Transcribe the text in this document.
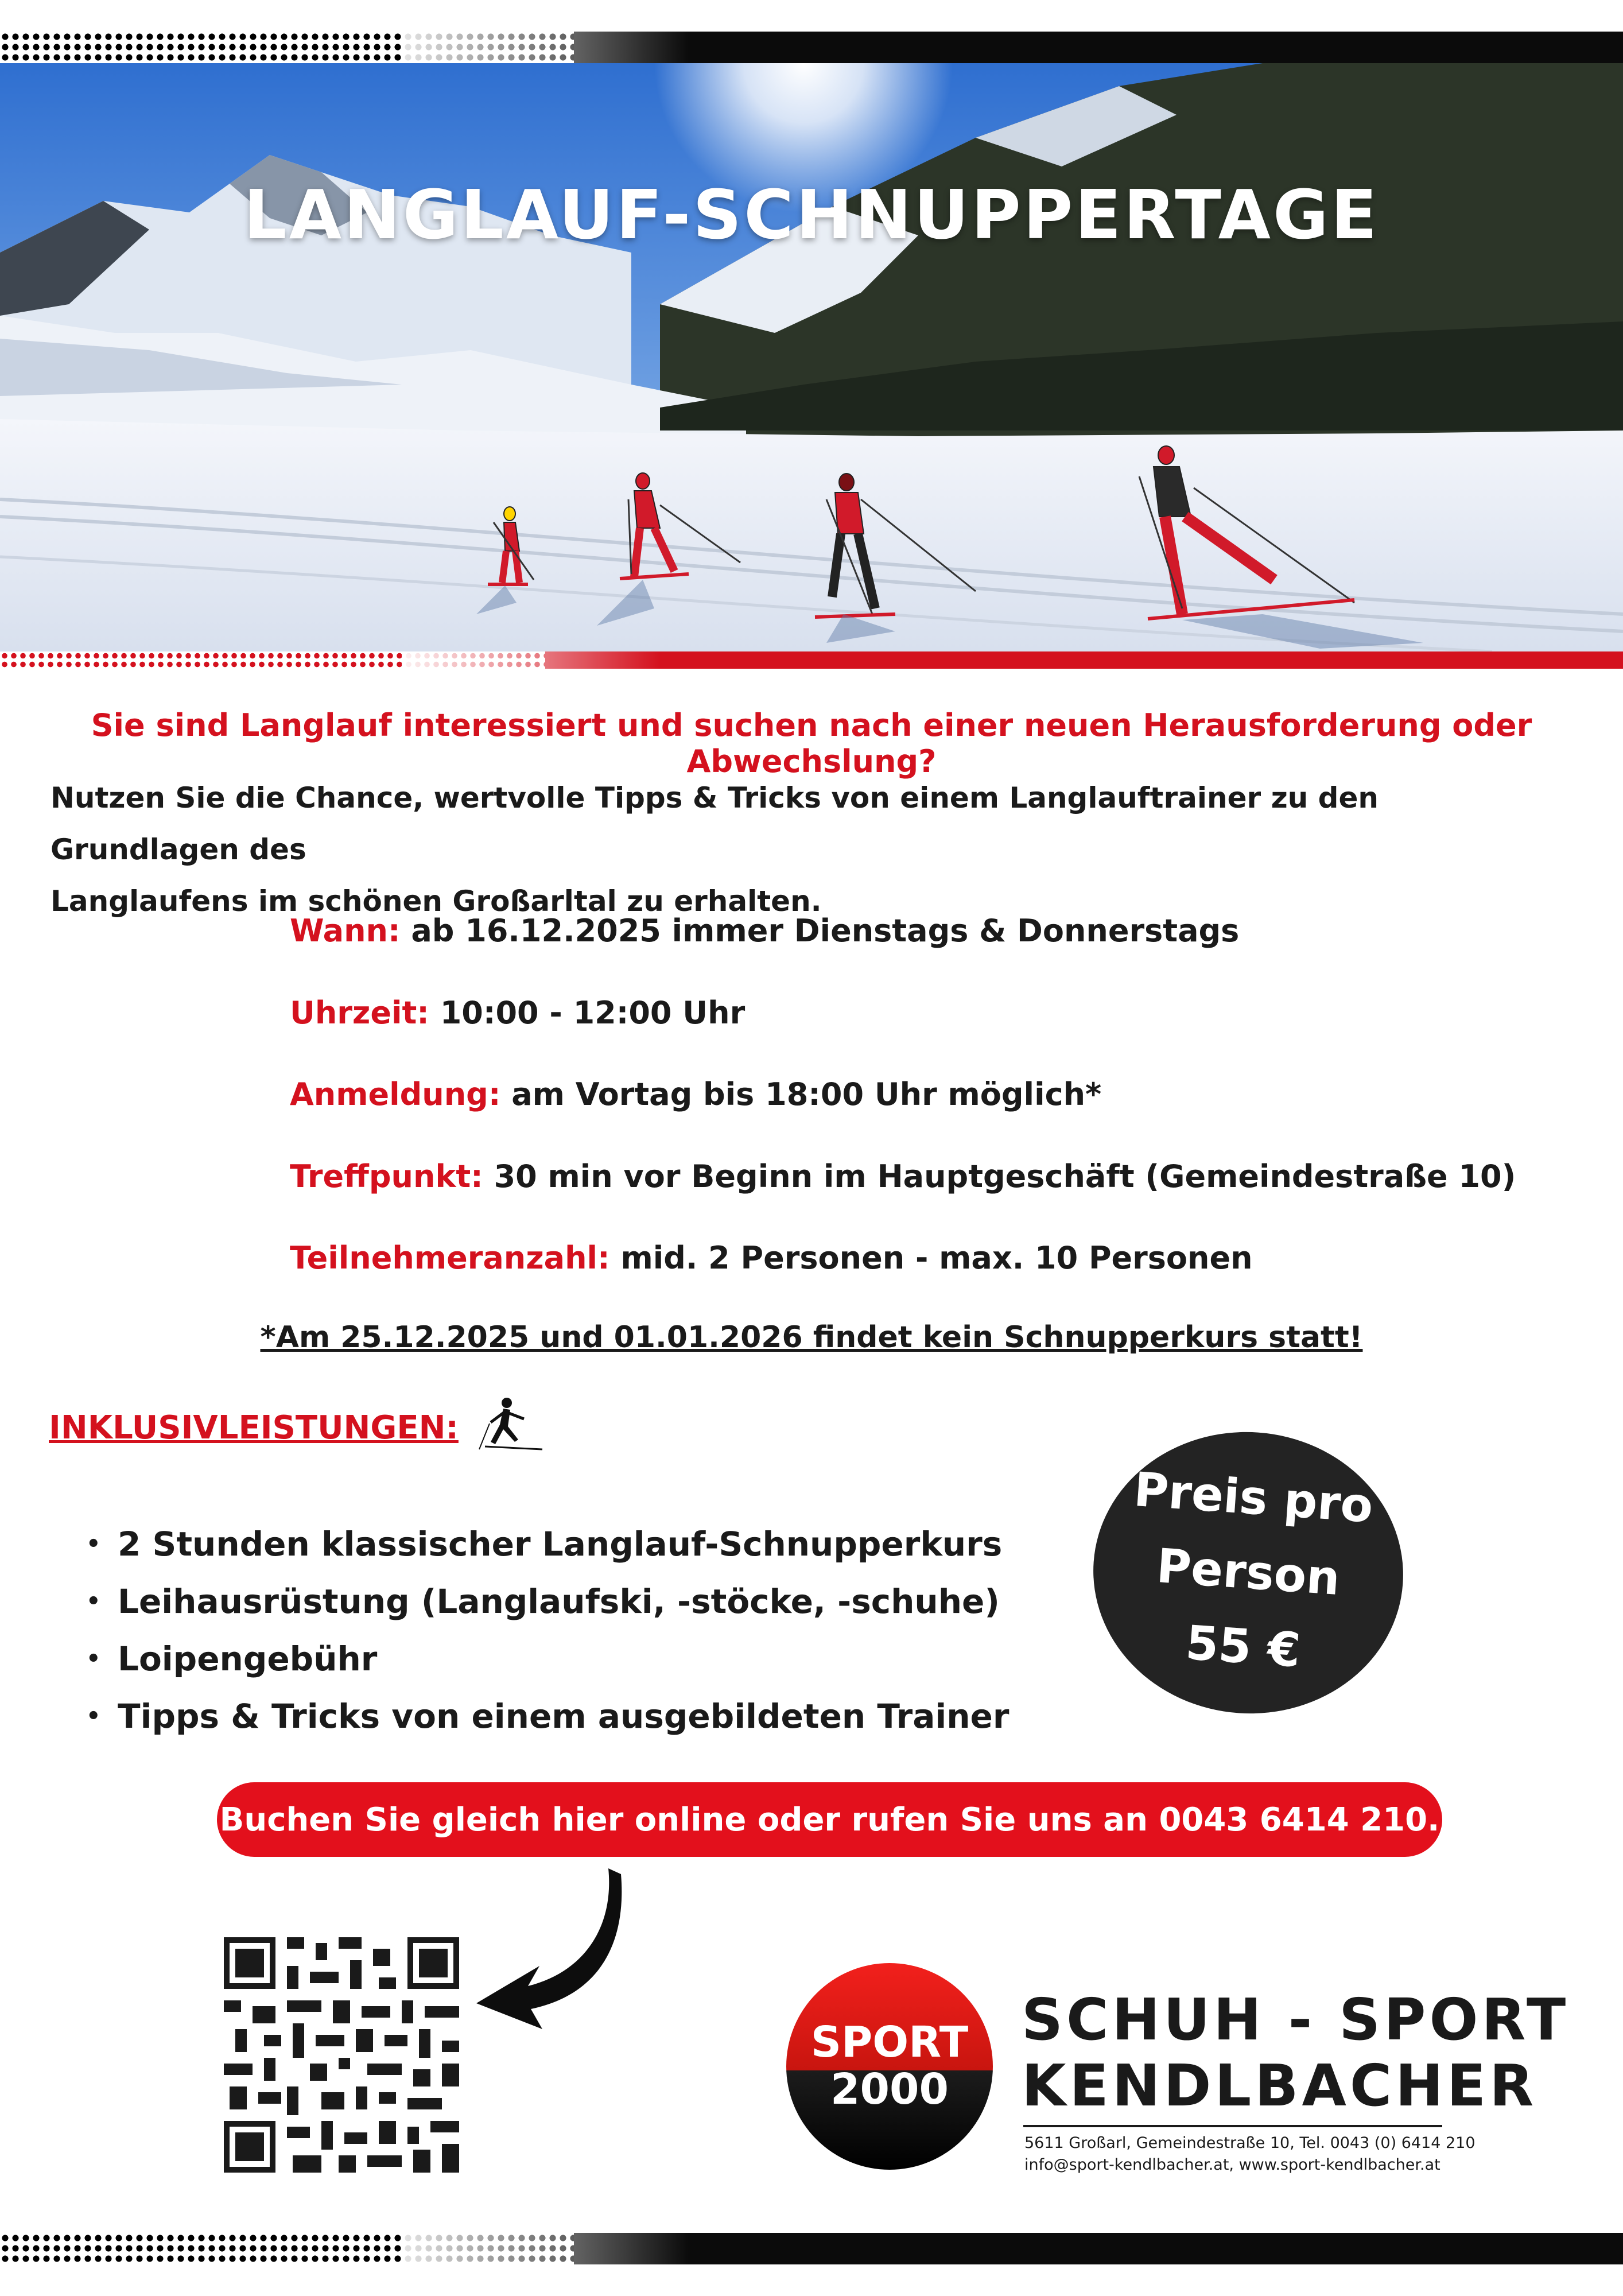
LANGLAUF-SCHNUPPERTAGE
Sie sind Langlauf interessiert und suchen nach einer neuen Herausforderung oder Abwechslung?
Nutzen Sie die Chance, wertvolle Tipps & Tricks von einem Langlauftrainer zu den Grundlagen des
Langlaufens im schönen Großarltal zu erhalten.
Wann: ab 16.12.2025 immer Dienstags & Donnerstags
Uhrzeit: 10:00 - 12:00 Uhr
Anmeldung: am Vortag bis 18:00 Uhr möglich*
Treffpunkt: 30 min vor Beginn im Hauptgeschäft (Gemeindestraße 10)
Teilnehmeranzahl: mid. 2 Personen - max. 10 Personen
*Am 25.12.2025 und 01.01.2026 findet kein Schnupperkurs statt!
INKLUSIVLEISTUNGEN:
• 2 Stunden klassischer Langlauf-Schnupperkurs
• Leihausrüstung (Langlaufski, -stöcke, -schuhe)
• Loipengebühr
• Tipps & Tricks von einem ausgebildeten Trainer
Preis pro
Person
55 €
Buchen Sie gleich hier online oder rufen Sie uns an 0043 6414 210.
SPORT
2000
SCHUH - SPORT
KENDLBACHER
5611 Großarl, Gemeindestraße 10, Tel. 0043 (0) 6414 210
info@sport-kendlbacher.at, www.sport-kendlbacher.at
